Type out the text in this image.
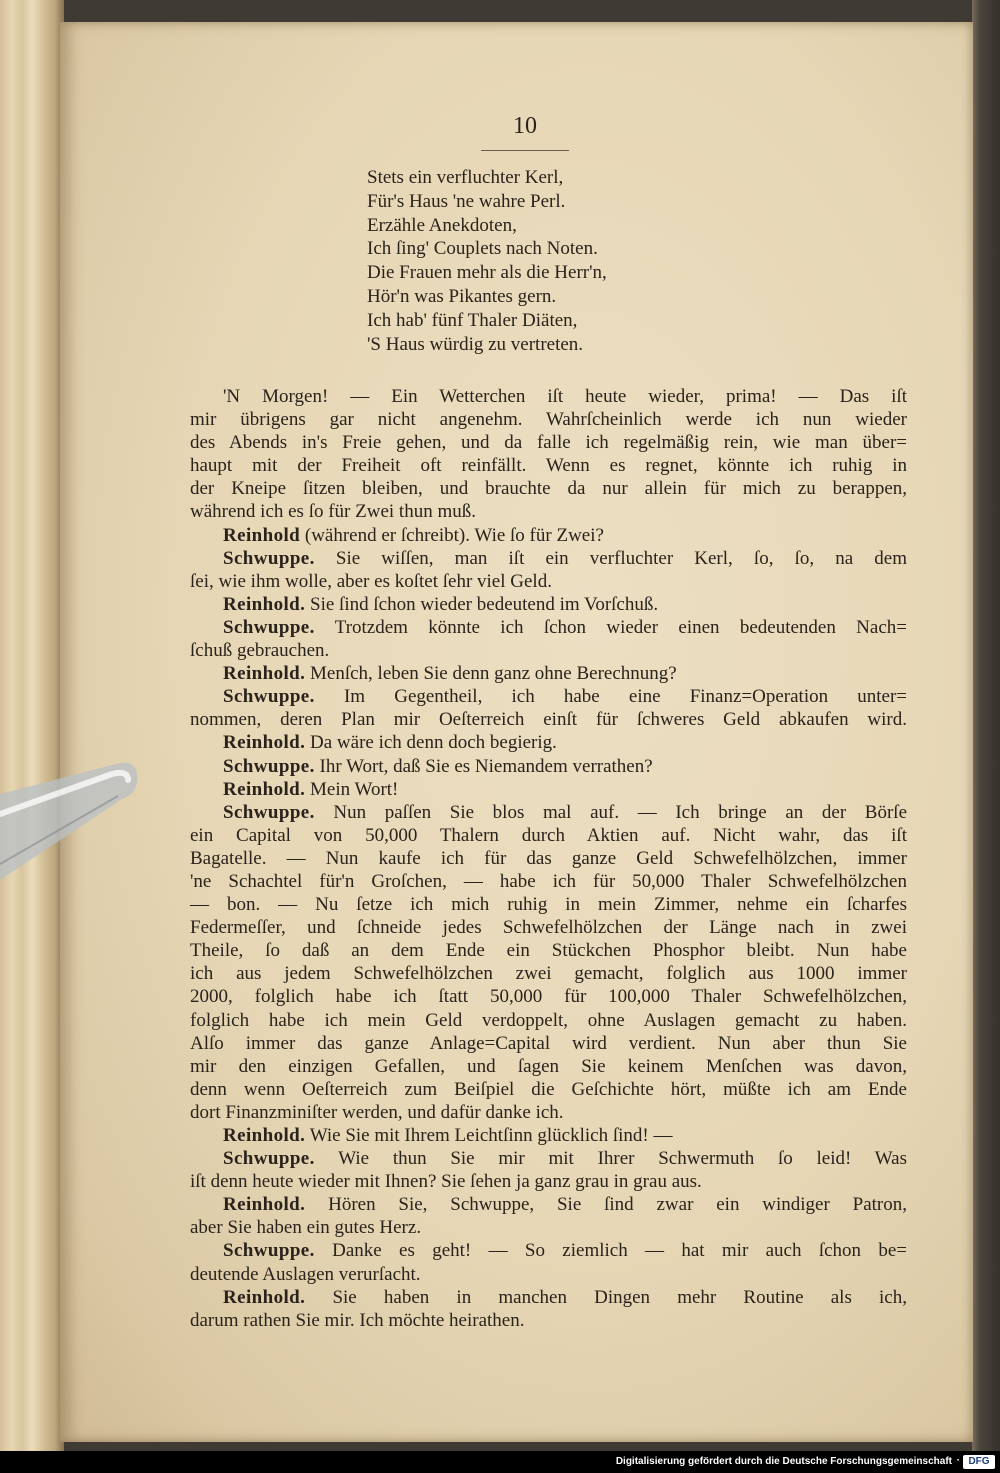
10
Stets ein verfluchter Kerl,
Für's Haus 'ne wahre Perl.
Erzähle Anekdoten,
Ich ſing' Couplets nach Noten.
Die Frauen mehr als die Herr'n,
Hör'n was Pikantes gern.
Ich hab' fünf Thaler Diäten,
'S Haus würdig zu vertreten.
'N Morgen! — Ein Wetterchen iſt heute wieder, prima! — Das iſt
mir übrigens gar nicht angenehm. Wahrſcheinlich werde ich nun wieder
des Abends in's Freie gehen, und da falle ich regelmäßig rein, wie man über=
haupt mit der Freiheit oft reinfällt. Wenn es regnet, könnte ich ruhig in
der Kneipe ſitzen bleiben, und brauchte da nur allein für mich zu berappen,
während ich es ſo für Zwei thun muß.
Reinhold (während er ſchreibt). Wie ſo für Zwei?
Schwuppe. Sie wiſſen, man iſt ein verfluchter Kerl, ſo, ſo, na dem
ſei, wie ihm wolle, aber es koſtet ſehr viel Geld.
Reinhold. Sie ſind ſchon wieder bedeutend im Vorſchuß.
Schwuppe. Trotzdem könnte ich ſchon wieder einen bedeutenden Nach=
ſchuß gebrauchen.
Reinhold. Menſch, leben Sie denn ganz ohne Berechnung?
Schwuppe. Im Gegentheil, ich habe eine Finanz=Operation unter=
nommen, deren Plan mir Oeſterreich einſt für ſchweres Geld abkaufen wird.
Reinhold. Da wäre ich denn doch begierig.
Schwuppe. Ihr Wort, daß Sie es Niemandem verrathen?
Reinhold. Mein Wort!
Schwuppe. Nun paſſen Sie blos mal auf. — Ich bringe an der Börſe
ein Capital von 50,000 Thalern durch Aktien auf. Nicht wahr, das iſt
Bagatelle. — Nun kaufe ich für das ganze Geld Schwefelhölzchen, immer
'ne Schachtel für'n Groſchen, — habe ich für 50,000 Thaler Schwefelhölzchen
— bon. — Nu ſetze ich mich ruhig in mein Zimmer, nehme ein ſcharfes
Federmeſſer, und ſchneide jedes Schwefelhölzchen der Länge nach in zwei
Theile, ſo daß an dem Ende ein Stückchen Phosphor bleibt. Nun habe
ich aus jedem Schwefelhölzchen zwei gemacht, folglich aus 1000 immer
2000, folglich habe ich ſtatt 50,000 für 100,000 Thaler Schwefelhölzchen,
folglich habe ich mein Geld verdoppelt, ohne Auslagen gemacht zu haben.
Alſo immer das ganze Anlage=Capital wird verdient. Nun aber thun Sie
mir den einzigen Gefallen, und ſagen Sie keinem Menſchen was davon,
denn wenn Oeſterreich zum Beiſpiel die Geſchichte hört, müßte ich am Ende
dort Finanzminiſter werden, und dafür danke ich.
Reinhold. Wie Sie mit Ihrem Leichtſinn glücklich ſind! —
Schwuppe. Wie thun Sie mir mit Ihrer Schwermuth ſo leid! Was
iſt denn heute wieder mit Ihnen? Sie ſehen ja ganz grau in grau aus.
Reinhold. Hören Sie, Schwuppe, Sie ſind zwar ein windiger Patron,
aber Sie haben ein gutes Herz.
Schwuppe. Danke es geht! — So ziemlich — hat mir auch ſchon be=
deutende Auslagen verurſacht.
Reinhold. Sie haben in manchen Dingen mehr Routine als ich,
darum rathen Sie mir. Ich möchte heirathen.
Digitalisierung gefördert durch die Deutsche Forschungsgemeinschaft · DFG
